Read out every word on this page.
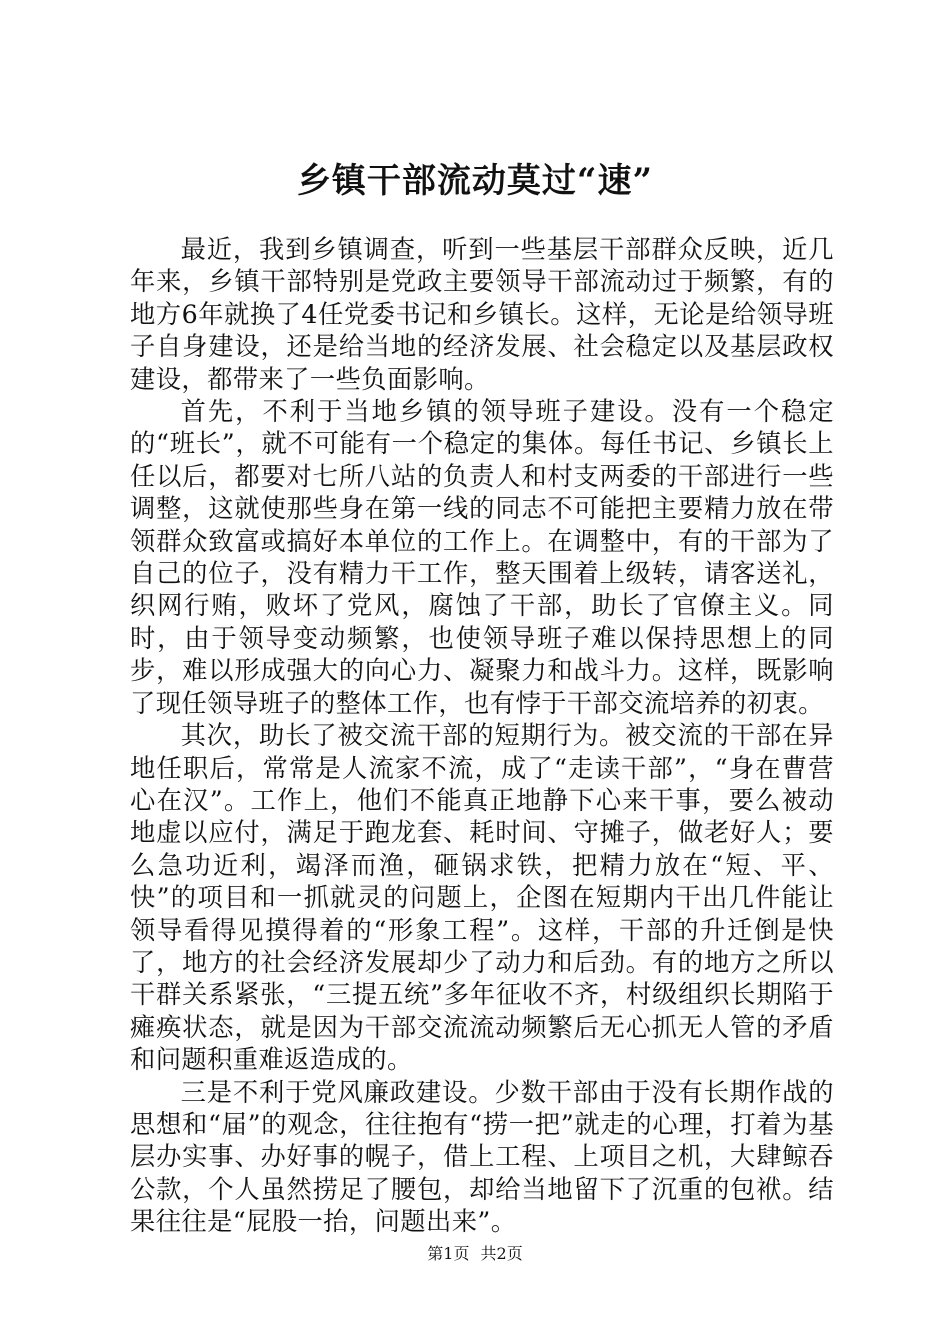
乡镇干部流动莫过“速”

最近，我到乡镇调查，听到一些基层干部群众反映，近几年来，乡镇干部特别是党政主要领导干部流动过于频繁，有的地方6年就换了4任党委书记和乡镇长。这样，无论是给领导班子自身建设，还是给当地的经济发展、社会稳定以及基层政权建设，都带来了一些负面影响。

首先，不利于当地乡镇的领导班子建设。没有一个稳定的“班长”，就不可能有一个稳定的集体。每任书记、乡镇长上任以后，都要对七所八站的负责人和村支两委的干部进行一些调整，这就使那些身在第一线的同志不可能把主要精力放在带领群众致富或搞好本单位的工作上。在调整中，有的干部为了自己的位子，没有精力干工作，整天围着上级转，请客送礼，织网行贿，败坏了党风，腐蚀了干部，助长了官僚主义。同时，由于领导变动频繁，也使领导班子难以保持思想上的同步，难以形成强大的向心力、凝聚力和战斗力。这样，既影响了现任领导班子的整体工作，也有悖于干部交流培养的初衷。

其次，助长了被交流干部的短期行为。被交流的干部在异地任职后，常常是人流家不流，成了“走读干部”，“身在曹营心在汉”。工作上，他们不能真正地静下心来干事，要么被动地虚以应付，满足于跑龙套、耗时间、守摊子，做老好人；要么急功近利，竭泽而渔，砸锅求铁，把精力放在“短、平、快”的项目和一抓就灵的问题上，企图在短期内干出几件能让领导看得见摸得着的“形象工程”。这样，干部的升迁倒是快了，地方的社会经济发展却少了动力和后劲。有的地方之所以干群关系紧张，“三提五统”多年征收不齐，村级组织长期陷于瘫痪状态，就是因为干部交流流动频繁后无心抓无人管的矛盾和问题积重难返造成的。

三是不利于党风廉政建设。少数干部由于没有长期作战的思想和“届”的观念，往往抱有“捞一把”就走的心理，打着为基层办实事、办好事的幌子，借上工程、上项目之机，大肆鲸吞公款，个人虽然捞足了腰包，却给当地留下了沉重的包袱。结果往往是“屁股一抬，问题出来”。

第1页 共2页
